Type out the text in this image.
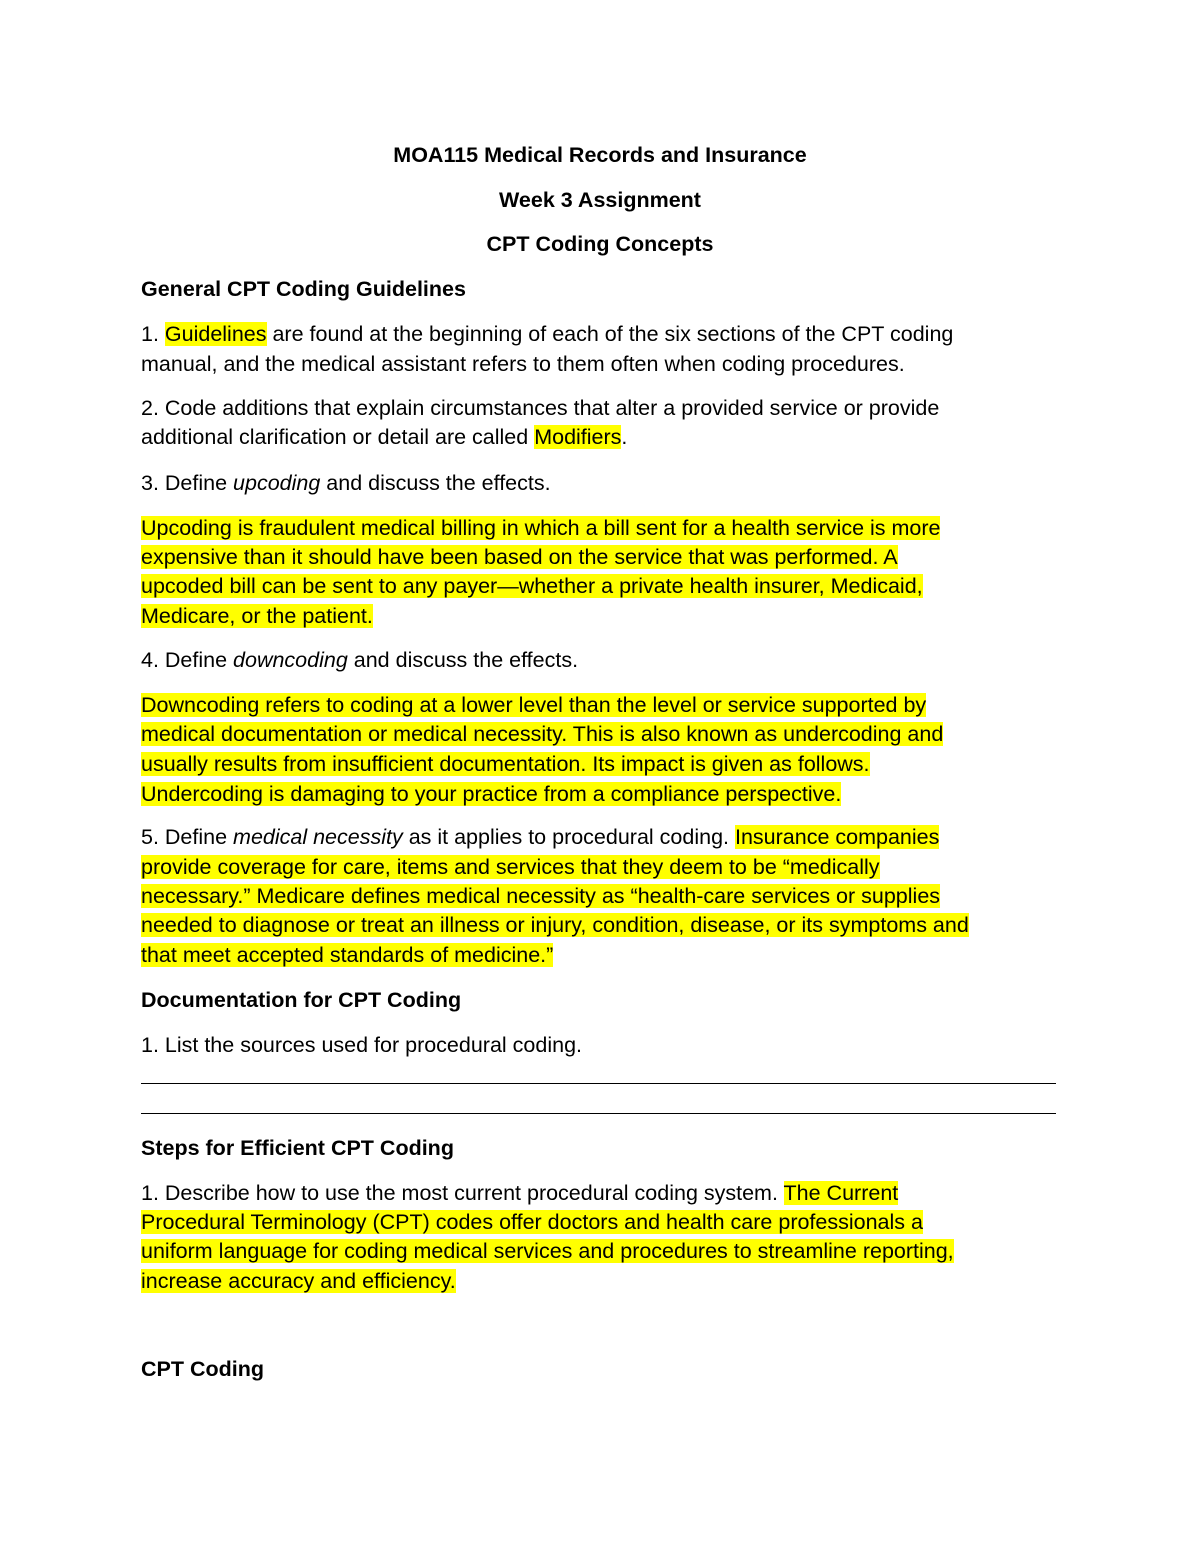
MOA115 Medical Records and Insurance
Week 3 Assignment
CPT Coding Concepts
General CPT Coding Guidelines
1. Guidelines are found at the beginning of each of the six sections of the CPT coding
manual, and the medical assistant refers to them often when coding procedures.
2. Code additions that explain circumstances that alter a provided service or provide
additional clarification or detail are called Modifiers.
3. Define upcoding and discuss the effects.
Upcoding is fraudulent medical billing in which a bill sent for a health service is more
expensive than it should have been based on the service that was performed. A
upcoded bill can be sent to any payer—whether a private health insurer, Medicaid,
Medicare, or the patient.
4. Define downcoding and discuss the effects.
Downcoding refers to coding at a lower level than the level or service supported by
medical documentation or medical necessity. This is also known as undercoding and
usually results from insufficient documentation. Its impact is given as follows.
Undercoding is damaging to your practice from a compliance perspective.
5. Define medical necessity as it applies to procedural coding. Insurance companies
provide coverage for care, items and services that they deem to be “medically
necessary.” Medicare defines medical necessity as “health-care services or supplies
needed to diagnose or treat an illness or injury, condition, disease, or its symptoms and
that meet accepted standards of medicine.”
Documentation for CPT Coding
1. List the sources used for procedural coding.
Steps for Efficient CPT Coding
1. Describe how to use the most current procedural coding system. The Current
Procedural Terminology (CPT) codes offer doctors and health care professionals a
uniform language for coding medical services and procedures to streamline reporting,
increase accuracy and efficiency.
CPT Coding
